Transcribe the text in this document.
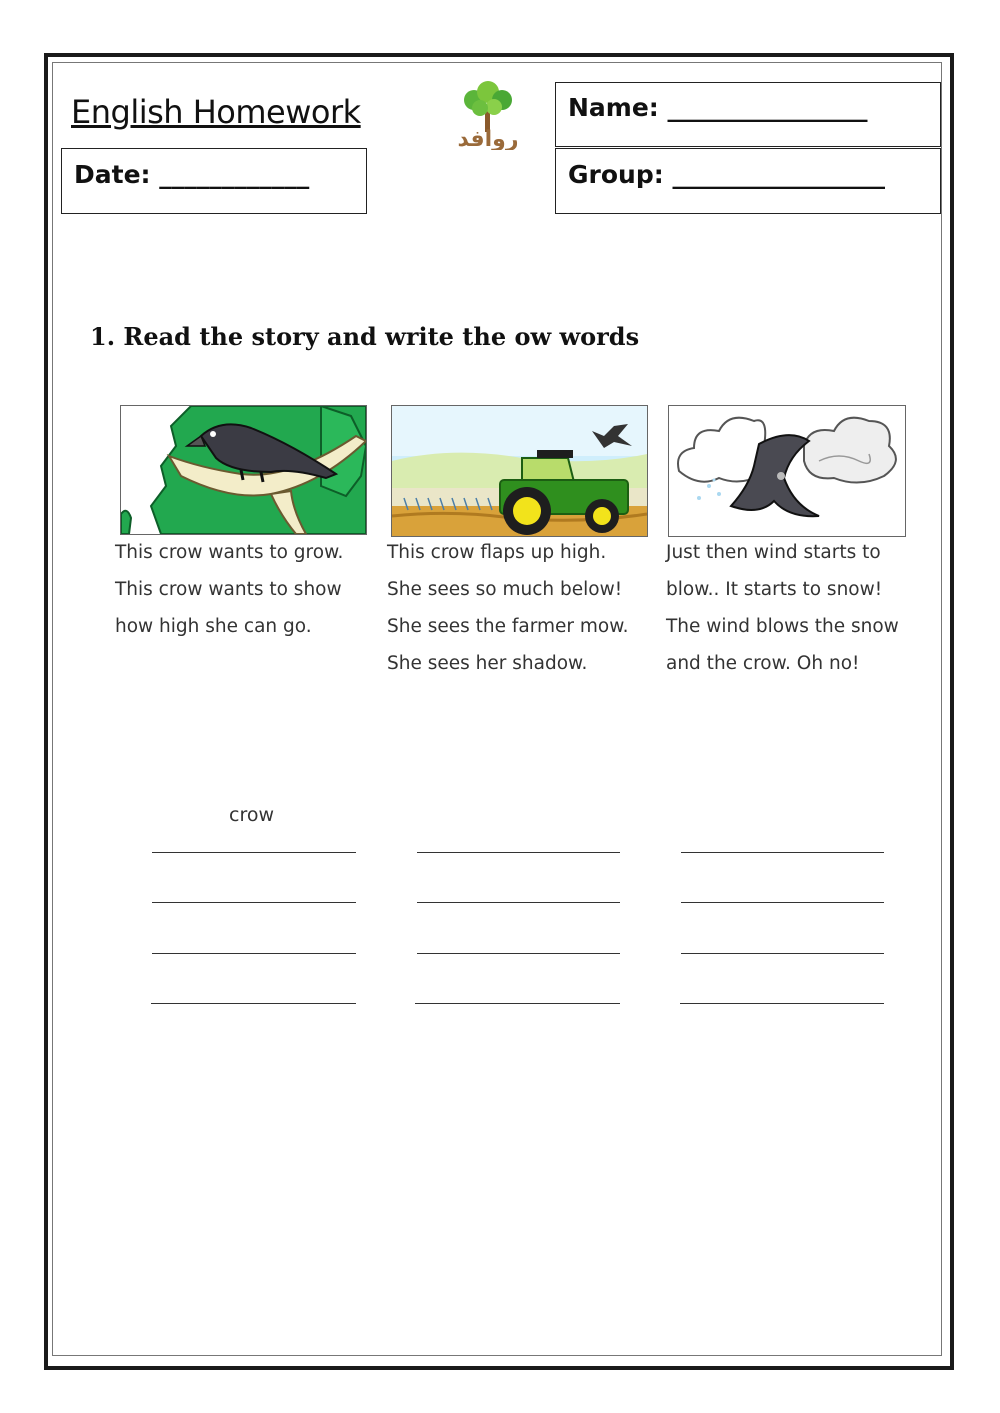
English Homework
روافد
Name: ________________
Date: ____________	Group: _________________
1. Read the story and write the ow words
This crow wants to grow.
This crow wants to show
how high she can go.
This crow flaps up high.
She sees so much below!
She sees the farmer mow.
She sees her shadow.
Just then wind starts to
blow.. It starts to snow!
The wind blows the snow
and the crow. Oh no!
crow
